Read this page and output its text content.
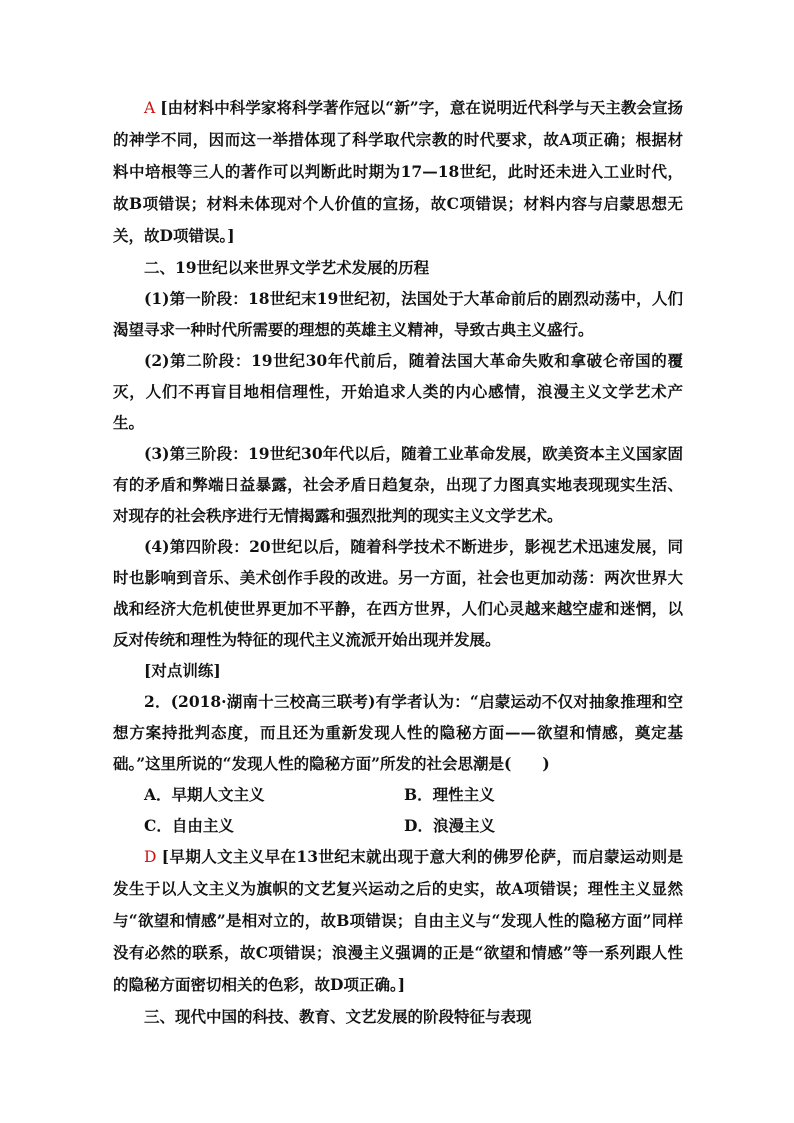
A [由材料中科学家将科学著作冠以“新”字，意在说明近代科学与天主教会宣扬的神学不同，因而这一举措体现了科学取代宗教的时代要求，故A项正确；根据材料中培根等三人的著作可以判断此时期为17—18世纪，此时还未进入工业时代，故B项错误；材料未体现对个人价值的宣扬，故C项错误；材料内容与启蒙思想无关，故D项错误。]

二、19世纪以来世界文学艺术发展的历程

(1)第一阶段：18世纪末19世纪初，法国处于大革命前后的剧烈动荡中，人们渴望寻求一种时代所需要的理想的英雄主义精神，导致古典主义盛行。

(2)第二阶段：19世纪30年代前后，随着法国大革命失败和拿破仑帝国的覆灭，人们不再盲目地相信理性，开始追求人类的内心感情，浪漫主义文学艺术产生。

(3)第三阶段：19世纪30年代以后，随着工业革命发展，欧美资本主义国家固有的矛盾和弊端日益暴露，社会矛盾日趋复杂，出现了力图真实地表现现实生活、对现存的社会秩序进行无情揭露和强烈批判的现实主义文学艺术。

(4)第四阶段：20世纪以后，随着科学技术不断进步，影视艺术迅速发展，同时也影响到音乐、美术创作手段的改进。另一方面，社会也更加动荡：两次世界大战和经济大危机使世界更加不平静，在西方世界，人们心灵越来越空虚和迷惘，以反对传统和理性为特征的现代主义流派开始出现并发展。

[对点训练]

2．(2018·湖南十三校高三联考)有学者认为：“启蒙运动不仅对抽象推理和空想方案持批判态度，而且还为重新发现人性的隐秘方面——欲望和情感，奠定基础。”这里所说的“发现人性的隐秘方面”所发的社会思潮是(　　)

A．早期人文主义	B．理性主义C．自由主义	D．浪漫主义

D [早期人文主义早在13世纪末就出现于意大利的佛罗伦萨，而启蒙运动则是发生于以人文主义为旗帜的文艺复兴运动之后的史实，故A项错误；理性主义显然与“欲望和情感”是相对立的，故B项错误；自由主义与“发现人性的隐秘方面”同样没有必然的联系，故C项错误；浪漫主义强调的正是“欲望和情感”等一系列跟人性的隐秘方面密切相关的色彩，故D项正确。]

三、现代中国的科技、教育、文艺发展的阶段特征与表现
